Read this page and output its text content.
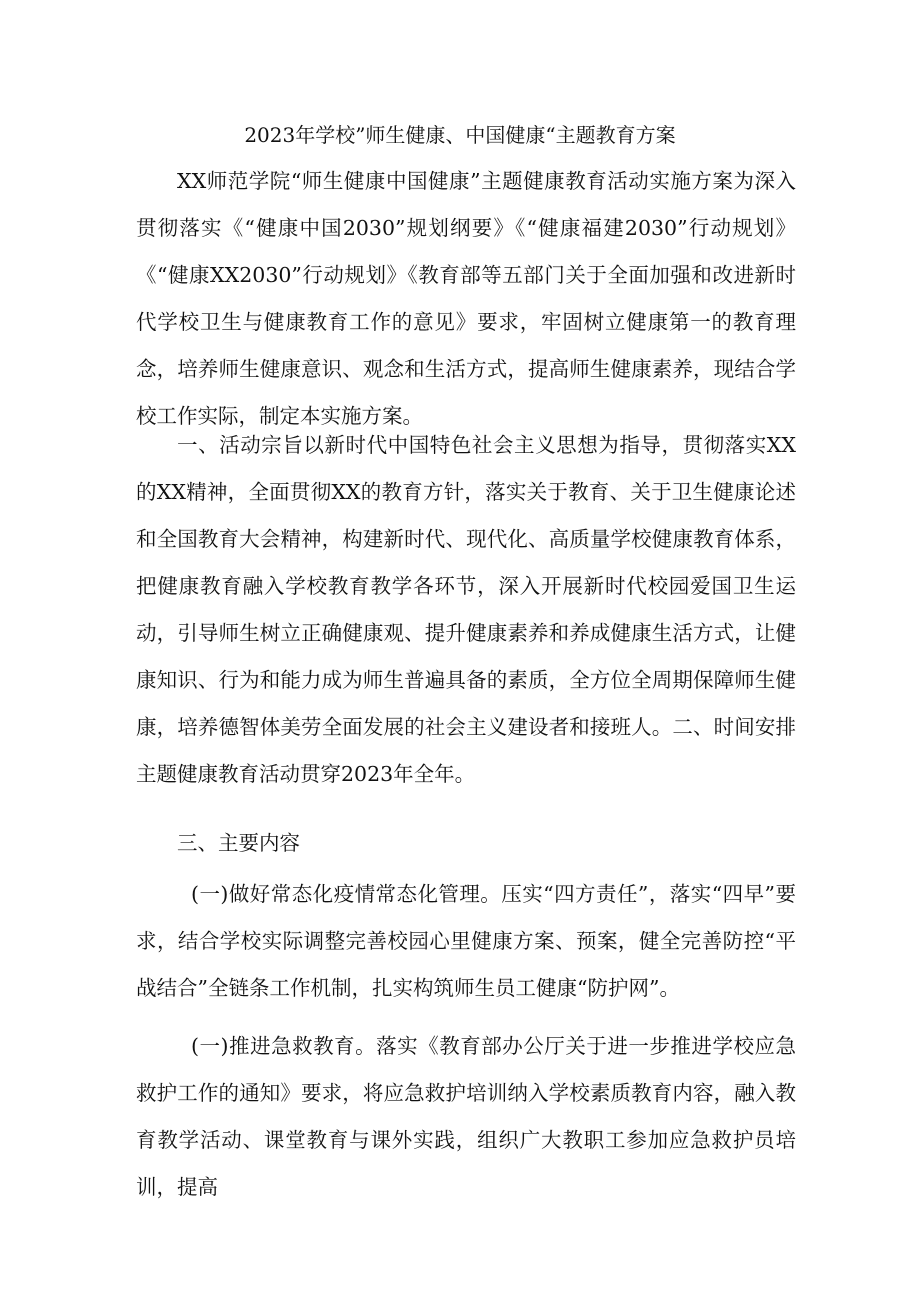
2023年学校”师生健康、中国健康“主题教育方案

XX师范学院“师生健康中国健康”主题健康教育活动实施方案为深入贯彻落实《“健康中国2030”规划纲要》《“健康福建2030”行动规划》《“健康XX2030”行动规划》《教育部等五部门关于全面加强和改进新时代学校卫生与健康教育工作的意见》要求，牢固树立健康第一的教育理念，培养师生健康意识、观念和生活方式，提高师生健康素养，现结合学校工作实际，制定本实施方案。

一、活动宗旨以新时代中国特色社会主义思想为指导，贯彻落实XX的XX精神，全面贯彻XX的教育方针，落实关于教育、关于卫生健康论述和全国教育大会精神，构建新时代、现代化、高质量学校健康教育体系，把健康教育融入学校教育教学各环节，深入开展新时代校园爱国卫生运动，引导师生树立正确健康观、提升健康素养和养成健康生活方式，让健康知识、行为和能力成为师生普遍具备的素质，全方位全周期保障师生健康，培养德智体美劳全面发展的社会主义建设者和接班人。二、时间安排主题健康教育活动贯穿2023年全年。

三、主要内容

(一)做好常态化疫情常态化管理。压实“四方责任”，落实“四早”要求，结合学校实际调整完善校园心里健康方案、预案，健全完善防控“平战结合”全链条工作机制，扎实构筑师生员工健康“防护网”。

(一)推进急救教育。落实《教育部办公厅关于进一步推进学校应急救护工作的通知》要求，将应急救护培训纳入学校素质教育内容，融入教育教学活动、课堂教育与课外实践，组织广大教职工参加应急救护员培训，提高
